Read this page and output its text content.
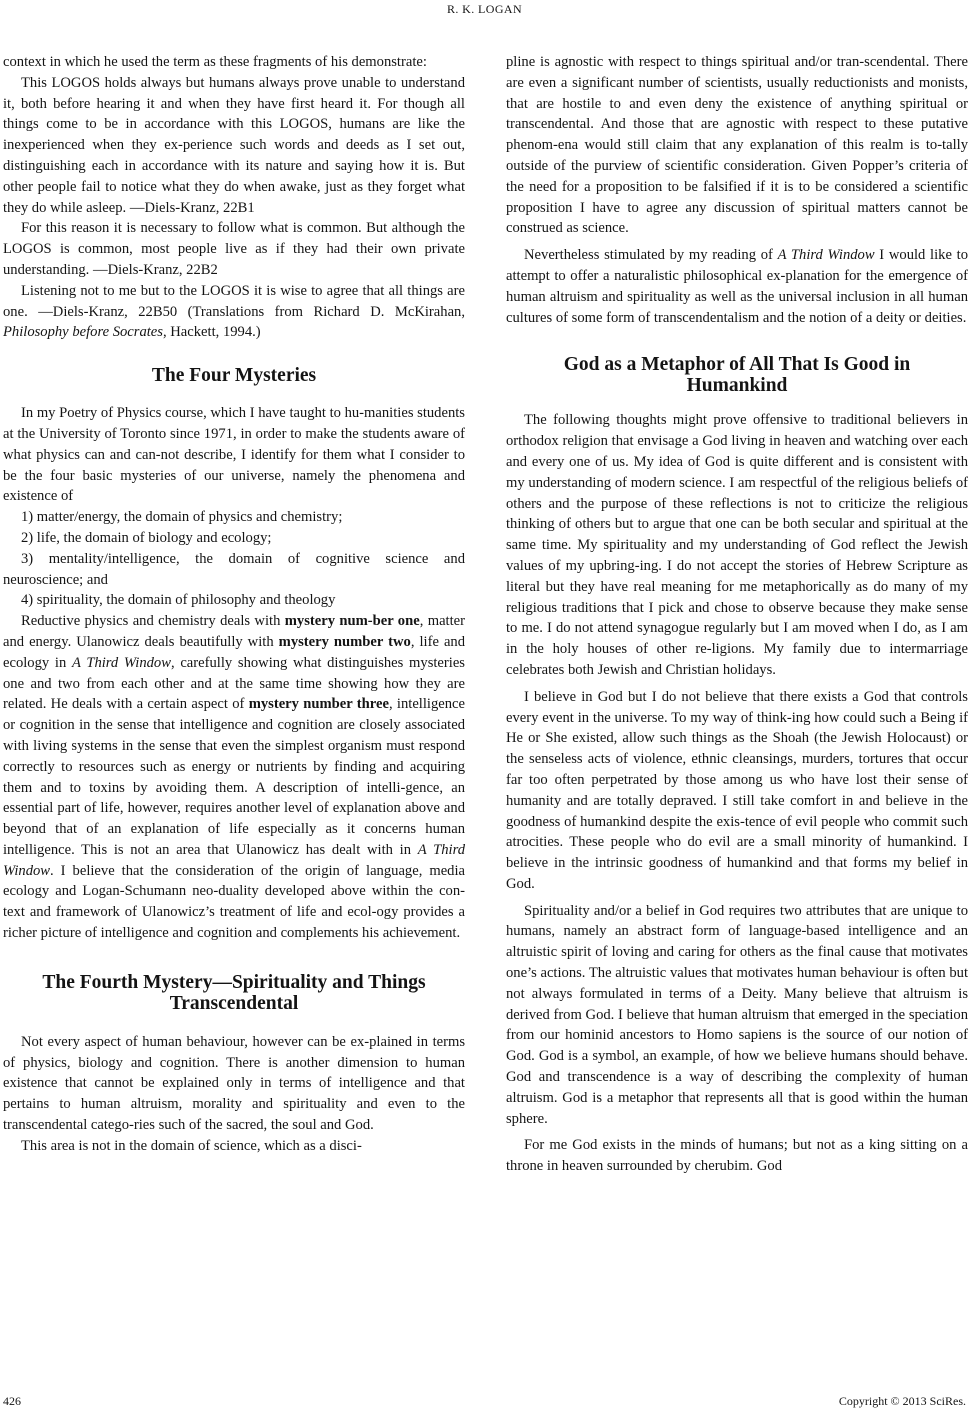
R. K. LOGAN

context in which he used the term as these fragments of his demonstrate:

This LOGOS holds always but humans always prove unable to understand it, both before hearing it and when they have first heard it. For though all things come to be in accordance with this LOGOS, humans are like the inexperienced when they ex-perience such words and deeds as I set out, distinguishing each in accordance with its nature and saying how it is. But other people fail to notice what they do when awake, just as they forget what they do while asleep. —Diels-Kranz, 22B1

For this reason it is necessary to follow what is common. But although the LOGOS is common, most people live as if they had their own private understanding. —Diels-Kranz, 22B2

Listening not to me but to the LOGOS it is wise to agree that all things are one. —Diels-Kranz, 22B50 (Translations from Richard D. McKirahan, Philosophy before Socrates, Hackett, 1994.)

The Four Mysteries

In my Poetry of Physics course, which I have taught to hu-manities students at the University of Toronto since 1971, in order to make the students aware of what physics can and can-not describe, I identify for them what I consider to be the four basic mysteries of our universe, namely the phenomena and existence of

1) matter/energy, the domain of physics and chemistry;

2) life, the domain of biology and ecology;

3) mentality/intelligence, the domain of cognitive science and neuroscience; and

4) spirituality, the domain of philosophy and theology

Reductive physics and chemistry deals with mystery num-ber one, matter and energy. Ulanowicz deals beautifully with mystery number two, life and ecology in A Third Window, carefully showing what distinguishes mysteries one and two from each other and at the same time showing how they are related. He deals with a certain aspect of mystery number three, intelligence or cognition in the sense that intelligence and cognition are closely associated with living systems in the sense that even the simplest organism must respond correctly to resources such as energy or nutrients by finding and acquiring them and to toxins by avoiding them. A description of intelli-gence, an essential part of life, however, requires another level of explanation above and beyond that of an explanation of life especially as it concerns human intelligence. This is not an area that Ulanowicz has dealt with in A Third Window. I believe that the consideration of the origin of language, media ecology and Logan-Schumann neo-duality developed above within the con-text and framework of Ulanowicz’s treatment of life and ecol-ogy provides a richer picture of intelligence and cognition and complements his achievement.

The Fourth Mystery—Spirituality and Things
Transcendental

Not every aspect of human behaviour, however can be ex-plained in terms of physics, biology and cognition. There is another dimension to human existence that cannot be explained only in terms of intelligence and that pertains to human altruism, morality and spirituality and even to the transcendental catego-ries such of the sacred, the soul and God.

This area is not in the domain of science, which as a disci-

pline is agnostic with respect to things spiritual and/or tran-scendental. There are even a significant number of scientists, usually reductionists and monists, that are hostile to and even deny the existence of anything spiritual or transcendental. And those that are agnostic with respect to these putative phenom-ena would still claim that any explanation of this realm is to-tally outside of the purview of scientific consideration. Given Popper’s criteria of the need for a proposition to be falsified if it is to be considered a scientific proposition I have to agree any discussion of spiritual matters cannot be construed as science.

Nevertheless stimulated by my reading of A Third Window I would like to attempt to offer a naturalistic philosophical ex-planation for the emergence of human altruism and spirituality as well as the universal inclusion in all human cultures of some form of transcendentalism and the notion of a deity or deities.

God as a Metaphor of All That Is Good in
Humankind

The following thoughts might prove offensive to traditional believers in orthodox religion that envisage a God living in heaven and watching over each and every one of us. My idea of God is quite different and is consistent with my understanding of modern science. I am respectful of the religious beliefs of others and the purpose of these reflections is not to criticize the religious thinking of others but to argue that one can be both secular and spiritual at the same time. My spirituality and my understanding of God reflect the Jewish values of my upbring-ing. I do not accept the stories of Hebrew Scripture as literal but they have real meaning for me metaphorically as do many of my religious traditions that I pick and chose to observe because they make sense to me. I do not attend synagogue regularly but I am moved when I do, as I am in the holy houses of other re-ligions. My family due to intermarriage celebrates both Jewish and Christian holidays.

I believe in God but I do not believe that there exists a God that controls every event in the universe. To my way of think-ing how could such a Being if He or She existed, allow such things as the Shoah (the Jewish Holocaust) or the senseless acts of violence, ethnic cleansings, murders, tortures that occur far too often perpetrated by those among us who have lost their sense of humanity and are totally depraved. I still take comfort in and believe in the goodness of humankind despite the exis-tence of evil people who commit such atrocities. These people who do evil are a small minority of humankind. I believe in the intrinsic goodness of humankind and that forms my belief in God.

Spirituality and/or a belief in God requires two attributes that are unique to humans, namely an abstract form of language-based intelligence and an altruistic spirit of loving and caring for others as the final cause that motivates one’s actions. The altruistic values that motivates human behaviour is often but not always formulated in terms of a Deity. Many believe that altruism is derived from God. I believe that human altruism that emerged in the speciation from our hominid ancestors to Homo sapiens is the source of our notion of God. God is a symbol, an example, of how we believe humans should behave. God and transcendence is a way of describing the complexity of human altruism. God is a metaphor that represents all that is good within the human sphere.

For me God exists in the minds of humans; but not as a king sitting on a throne in heaven surrounded by cherubim. God

426	Copyright © 2013 SciRes.
